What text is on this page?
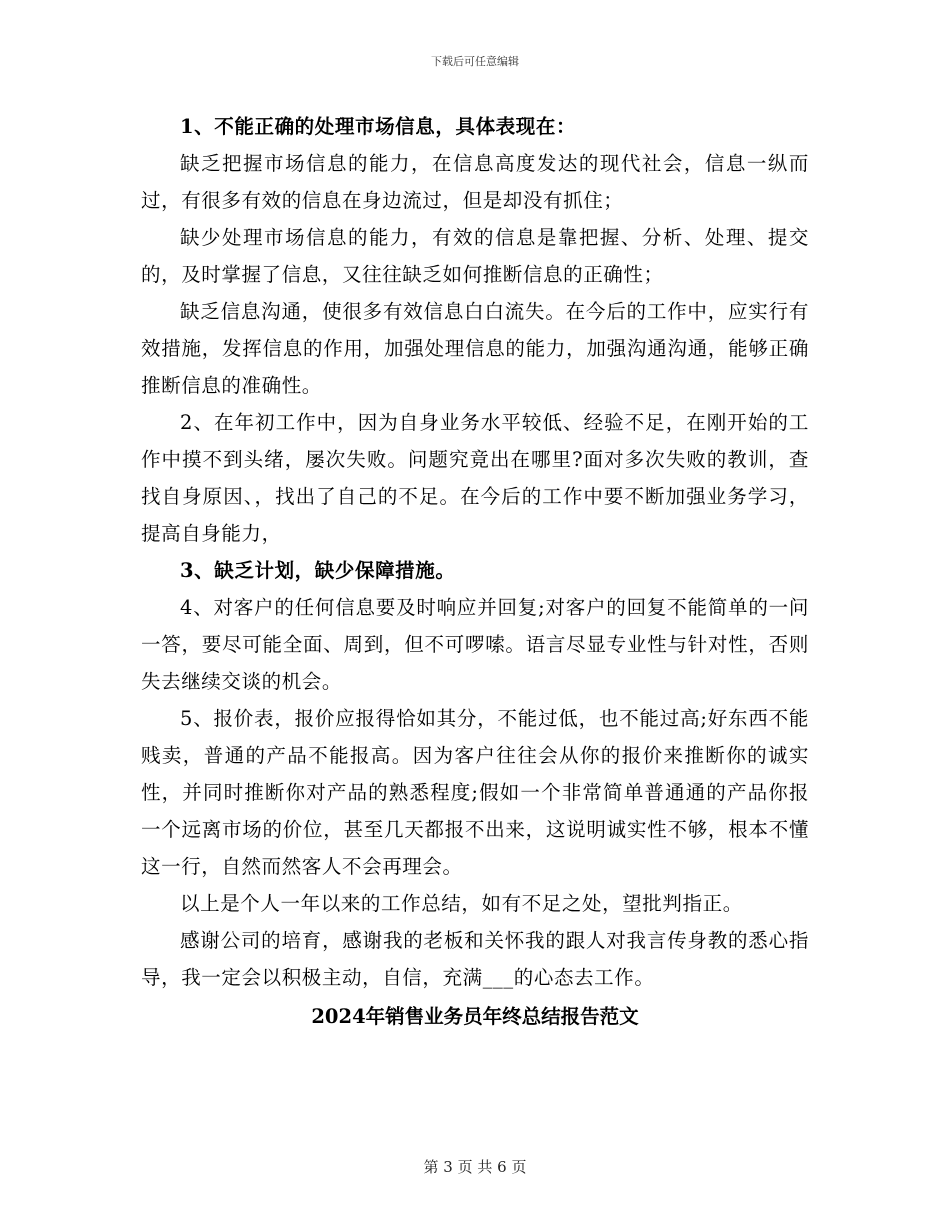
下载后可任意编辑

1、不能正确的处理市场信息，具体表现在：

缺乏把握市场信息的能力，在信息高度发达的现代社会，信息一纵而过，有很多有效的信息在身边流过，但是却没有抓住；

缺少处理市场信息的能力，有效的信息是靠把握、分析、处理、提交的，及时掌握了信息，又往往缺乏如何推断信息的正确性；

缺乏信息沟通，使很多有效信息白白流失。在今后的工作中，应实行有效措施，发挥信息的作用，加强处理信息的能力，加强沟通沟通，能够正确推断信息的准确性。

2、在年初工作中，因为自身业务水平较低、经验不足，在刚开始的工作中摸不到头绪，屡次失败。问题究竟出在哪里?面对多次失败的教训，查找自身原因、，找出了自己的不足。在今后的工作中要不断加强业务学习，提高自身能力，

3、缺乏计划，缺少保障措施。

4、对客户的任何信息要及时响应并回复;对客户的回复不能简单的一问一答，要尽可能全面、周到，但不可啰嗦。语言尽显专业性与针对性，否则失去继续交谈的机会。

5、报价表，报价应报得恰如其分，不能过低，也不能过高;好东西不能贱卖，普通的产品不能报高。因为客户往往会从你的报价来推断你的诚实性，并同时推断你对产品的熟悉程度;假如一个非常简单普通通的产品你报一个远离市场的价位，甚至几天都报不出来，这说明诚实性不够，根本不懂这一行，自然而然客人不会再理会。

以上是个人一年以来的工作总结，如有不足之处，望批判指正。

感谢公司的培育，感谢我的老板和关怀我的跟人对我言传身教的悉心指导，我一定会以积极主动，自信，充满___的心态去工作。

2024年销售业务员年终总结报告范文

第 3 页 共 6 页
